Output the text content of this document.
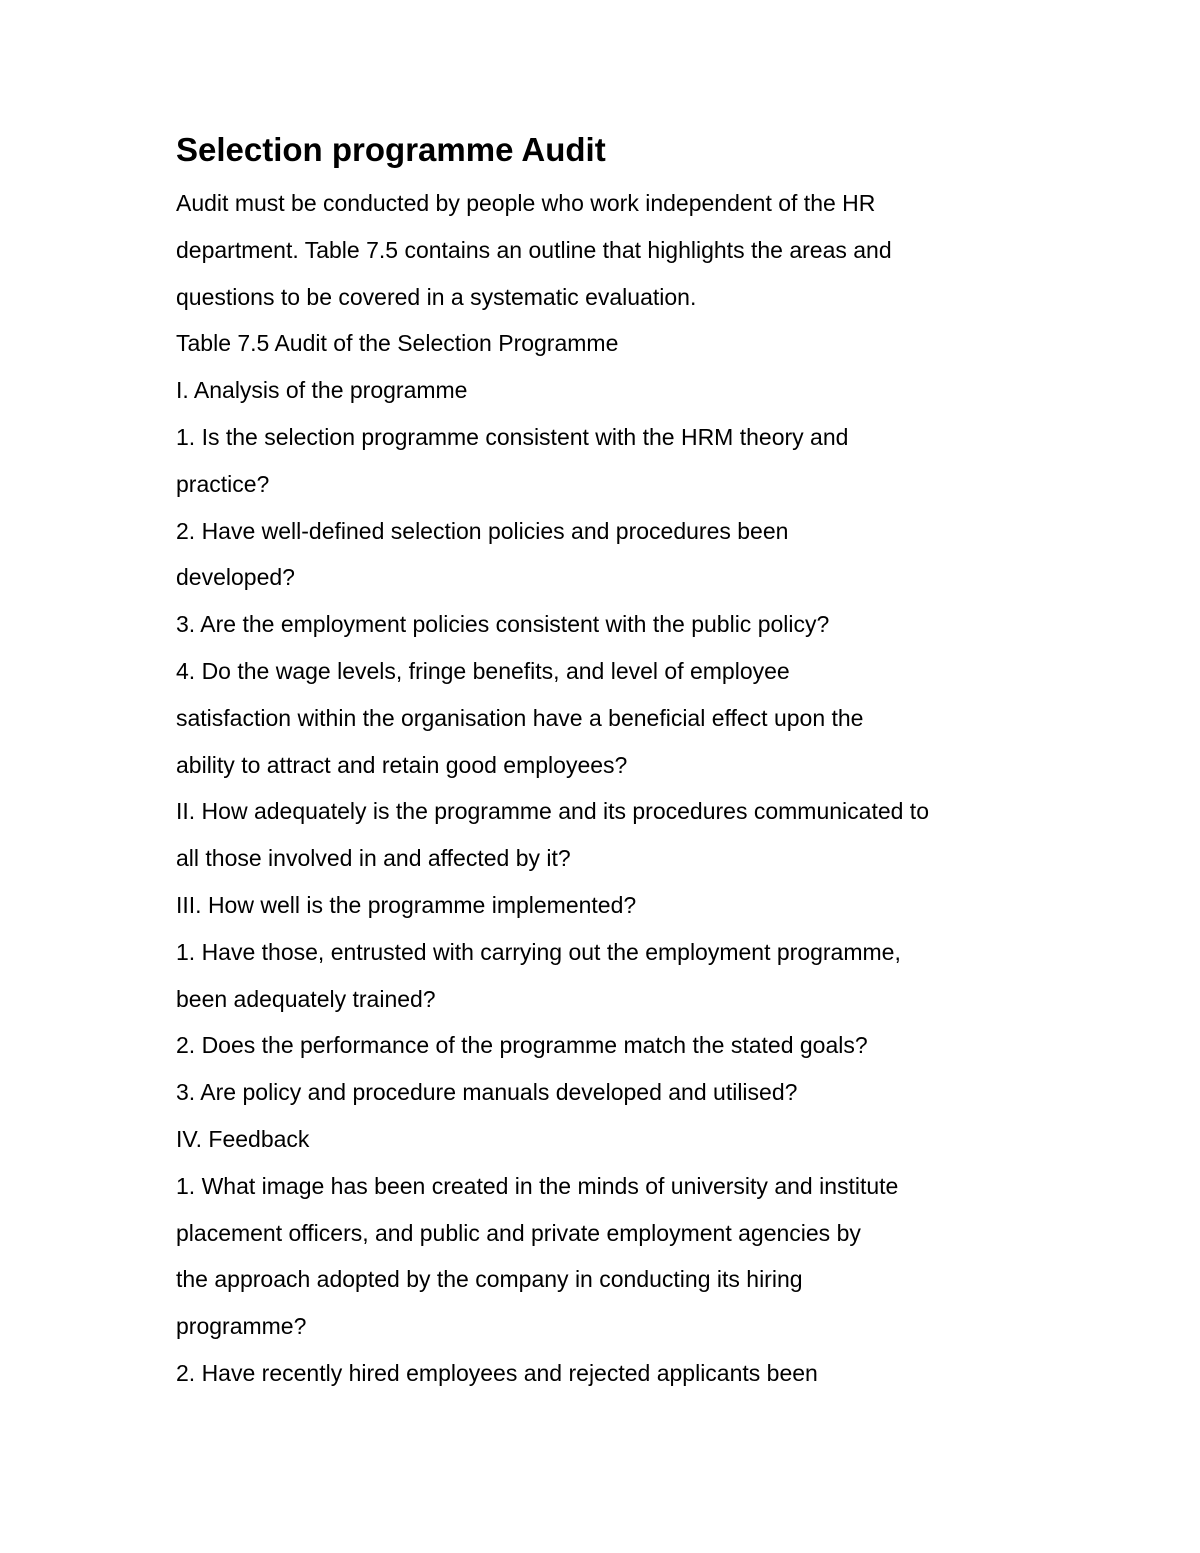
Selection programme Audit
Audit must be conducted by people who work independent of the HR
department. Table 7.5 contains an outline that highlights the areas and
questions to be covered in a systematic evaluation.
Table 7.5 Audit of the Selection Programme
I. Analysis of the programme
1. Is the selection programme consistent with the HRM theory and
practice?
2. Have well-defined selection policies and procedures been
developed?
3. Are the employment policies consistent with the public policy?
4. Do the wage levels, fringe benefits, and level of employee
satisfaction within the organisation have a beneficial effect upon the
ability to attract and retain good employees?
II. How adequately is the programme and its procedures communicated to
all those involved in and affected by it?
III. How well is the programme implemented?
1. Have those, entrusted with carrying out the employment programme,
been adequately trained?
2. Does the performance of the programme match the stated goals?
3. Are policy and procedure manuals developed and utilised?
IV. Feedback
1. What image has been created in the minds of university and institute
placement officers, and public and private employment agencies by
the approach adopted by the company in conducting its hiring
programme?
2. Have recently hired employees and rejected applicants been
